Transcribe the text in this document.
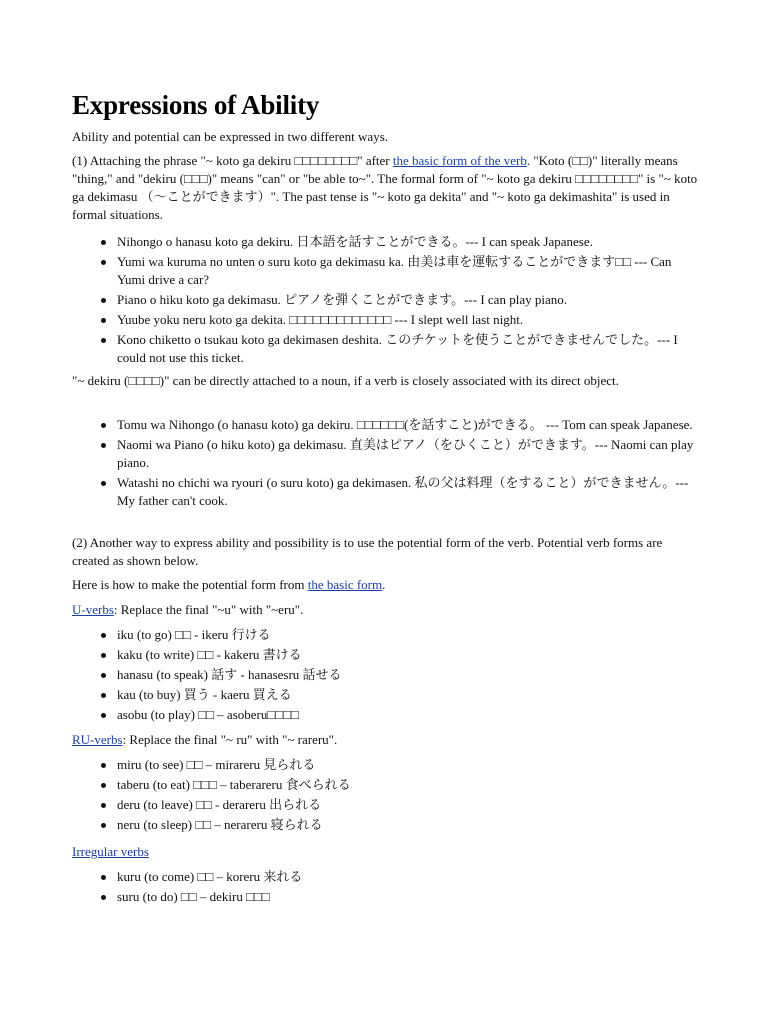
Expressions of Ability

Ability and potential can be expressed in two different ways.

(1) Attaching the phrase "~ koto ga dekiru □□□□□□□□" after the basic form of the verb. "Koto (□□)" literally means "thing," and "dekiru (□□□)" means "can" or "be able to~". The formal form of "~ koto ga dekiru □□□□□□□□" is "~ koto ga dekimasu （〜ことができます）". The past tense is "~ koto ga dekita" and "~ koto ga dekimashita" is used in formal situations.

Nihongo o hanasu koto ga dekiru. 日本語を話すことができる。--- I can speak Japanese.
Yumi wa kuruma no unten o suru koto ga dekimasu ka. 由美は車を運転することができます□□ --- Can Yumi drive a car?
Piano o hiku koto ga dekimasu. ピアノを弾くことができます。--- I can play piano.
Yuube yoku neru koto ga dekita. □□□□□□□□□□□□□ --- I slept well last night.
Kono chiketto o tsukau koto ga dekimasen deshita. このチケットを使うことができませんでした。--- I could not use this ticket.

"~ dekiru (□□□□)" can be directly attached to a noun, if a verb is closely associated with its direct object.

Tomu wa Nihongo (o hanasu koto) ga dekiru. □□□□□□(を話すこと)ができる。 --- Tom can speak Japanese.
Naomi wa Piano (o hiku koto) ga dekimasu. 直美はピアノ（をひくこと）ができます。--- Naomi can play piano.
Watashi no chichi wa ryouri (o suru koto) ga dekimasen. 私の父は料理（をすること）ができません。--- My father can't cook.

(2) Another way to express ability and possibility is to use the potential form of the verb. Potential verb forms are created as shown below.

Here is how to make the potential form from the basic form.

U-verbs: Replace the final "~u" with "~eru".

iku (to go) □□ - ikeru 行ける
kaku (to write) □□ - kakeru 書ける
hanasu (to speak) 話す - hanasesru 話せる
kau (to buy) 買う - kaeru 買える
asobu (to play) □□ – asoberu□□□□

RU-verbs: Replace the final "~ ru" with "~ rareru".

miru (to see) □□ – mirareru 見られる
taberu (to eat) □□□ – taberareru 食べられる
deru (to leave) □□ - derareru 出られる
neru (to sleep) □□ – nerareru 寝られる

Irregular verbs

kuru (to come) □□ – koreru 来れる
suru (to do) □□ – dekiru □□□
